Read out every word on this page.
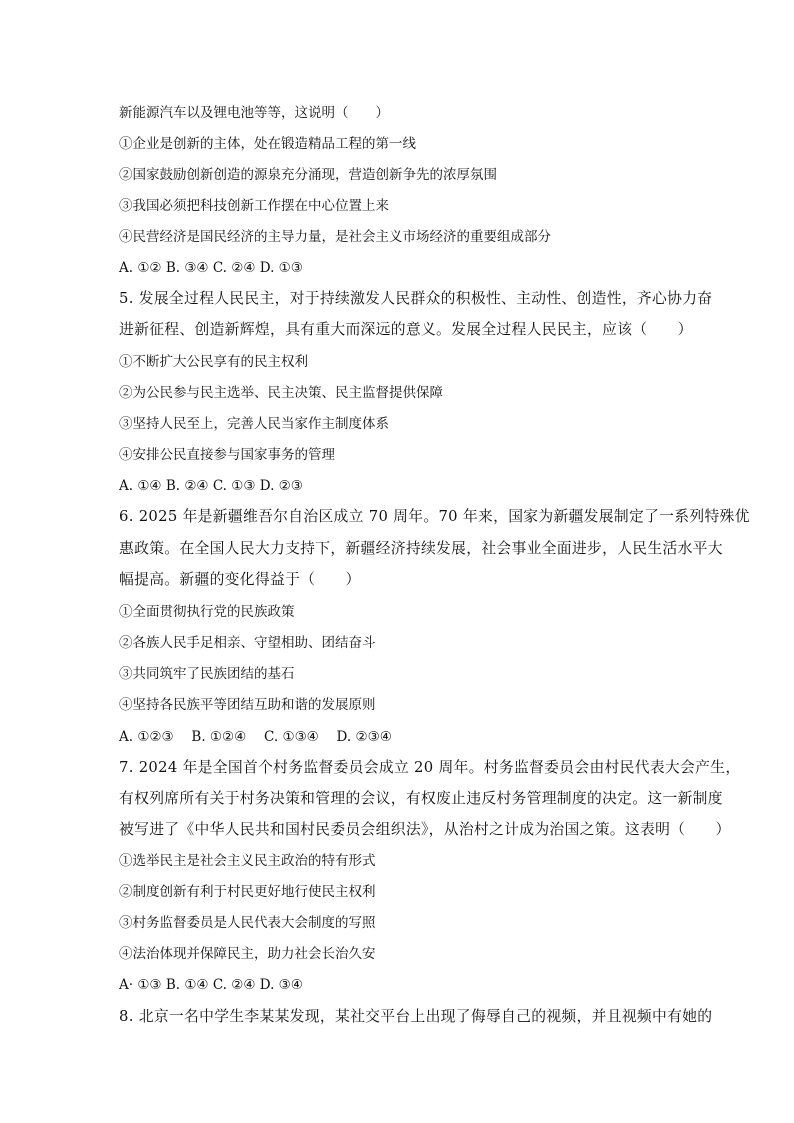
新能源汽车以及锂电池等等，这说明（　　）
①企业是创新的主体，处在锻造精品工程的第一线
②国家鼓励创新创造的源泉充分涌现，营造创新争先的浓厚氛围
③我国必须把科技创新工作摆在中心位置上来
④民营经济是国民经济的主导力量，是社会主义市场经济的重要组成部分
A. ①② B. ③④ C. ②④ D. ①③
5. 发展全过程人民民主，对于持续激发人民群众的积极性、主动性、创造性，齐心协力奋
进新征程、创造新辉煌，具有重大而深远的意义。发展全过程人民民主，应该（　　）
①不断扩大公民享有的民主权利
②为公民参与民主选举、民主决策、民主监督提供保障
③坚持人民至上，完善人民当家作主制度体系
④安排公民直接参与国家事务的管理
A. ①④ B. ②④ C. ①③ D. ②③
6. 2025 年是新疆维吾尔自治区成立 70 周年。70 年来，国家为新疆发展制定了一系列特殊优
惠政策。在全国人民大力支持下，新疆经济持续发展，社会事业全面进步，人民生活水平大
幅提高。新疆的变化得益于（　　）
①全面贯彻执行党的民族政策
②各族人民手足相亲、守望相助、团结奋斗
③共同筑牢了民族团结的基石
④坚持各民族平等团结互助和谐的发展原则
A. ①②③　 B. ①②④　 C. ①③④　 D. ②③④
7. 2024 年是全国首个村务监督委员会成立 20 周年。村务监督委员会由村民代表大会产生，
有权列席所有关于村务决策和管理的会议，有权废止违反村务管理制度的决定。这一新制度
被写进了《中华人民共和国村民委员会组织法》，从治村之计成为治国之策。这表明（　　）
①选举民主是社会主义民主政治的特有形式
②制度创新有利于村民更好地行使民主权利
③村务监督委员是人民代表大会制度的写照
④法治体现并保障民主，助力社会长治久安
A· ①③ B. ①④ C. ②④ D. ③④
8. 北京一名中学生李某某发现，某社交平台上出现了侮辱自己的视频，并且视频中有她的
